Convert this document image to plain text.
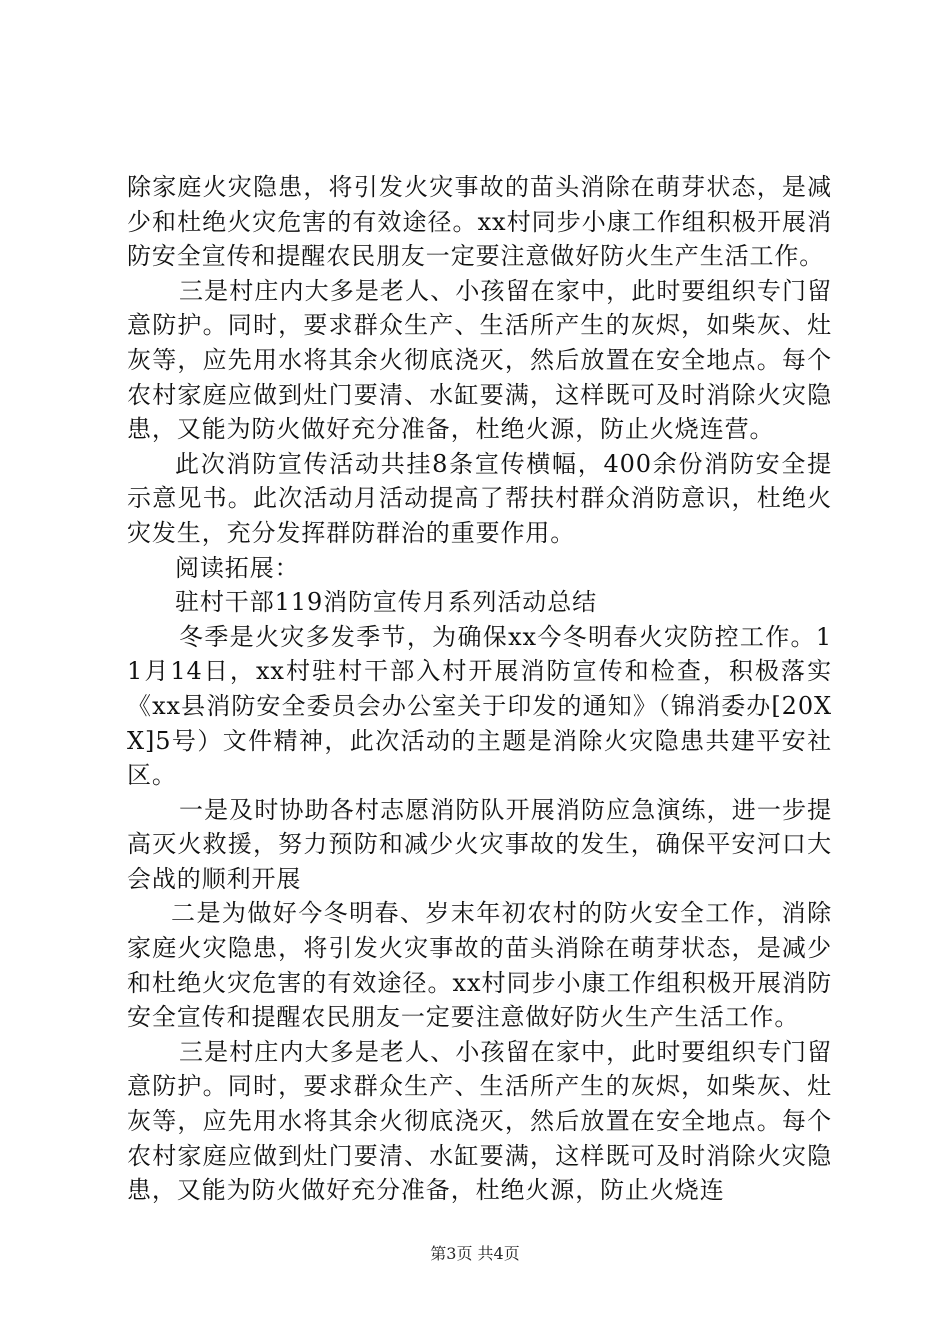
除家庭火灾隐患，将引发火灾事故的苗头消除在萌芽状态，是减少和杜绝火灾危害的有效途径。xx村同步小康工作组积极开展消防安全宣传和提醒农民朋友一定要注意做好防火生产生活工作。

三是村庄内大多是老人、小孩留在家中，此时要组织专门留意防护。同时，要求群众生产、生活所产生的灰烬，如柴灰、灶灰等，应先用水将其余火彻底浇灭，然后放置在安全地点。每个农村家庭应做到灶门要清、水缸要满，这样既可及时消除火灾隐患，又能为防火做好充分准备，杜绝火源，防止火烧连营。

此次消防宣传活动共挂8条宣传横幅，400余份消防安全提示意见书。此次活动月活动提高了帮扶村群众消防意识，杜绝火灾发生，充分发挥群防群治的重要作用。

阅读拓展：

驻村干部119消防宣传月系列活动总结

冬季是火灾多发季节，为确保xx今冬明春火灾防控工作。11月14日，xx村驻村干部入村开展消防宣传和检查，积极落实《xx县消防安全委员会办公室关于印发的通知》（锦消委办[20XX]5号）文件精神，此次活动的主题是消除火灾隐患共建平安社区。

一是及时协助各村志愿消防队开展消防应急演练，进一步提高灭火救援，努力预防和减少火灾事故的发生，确保平安河口大会战的顺利开展

二是为做好今冬明春、岁末年初农村的防火安全工作，消除家庭火灾隐患，将引发火灾事故的苗头消除在萌芽状态，是减少和杜绝火灾危害的有效途径。xx村同步小康工作组积极开展消防安全宣传和提醒农民朋友一定要注意做好防火生产生活工作。

三是村庄内大多是老人、小孩留在家中，此时要组织专门留意防护。同时，要求群众生产、生活所产生的灰烬，如柴灰、灶灰等，应先用水将其余火彻底浇灭，然后放置在安全地点。每个农村家庭应做到灶门要清、水缸要满，这样既可及时消除火灾隐患，又能为防火做好充分准备，杜绝火源，防止火烧连

第3页 共4页
